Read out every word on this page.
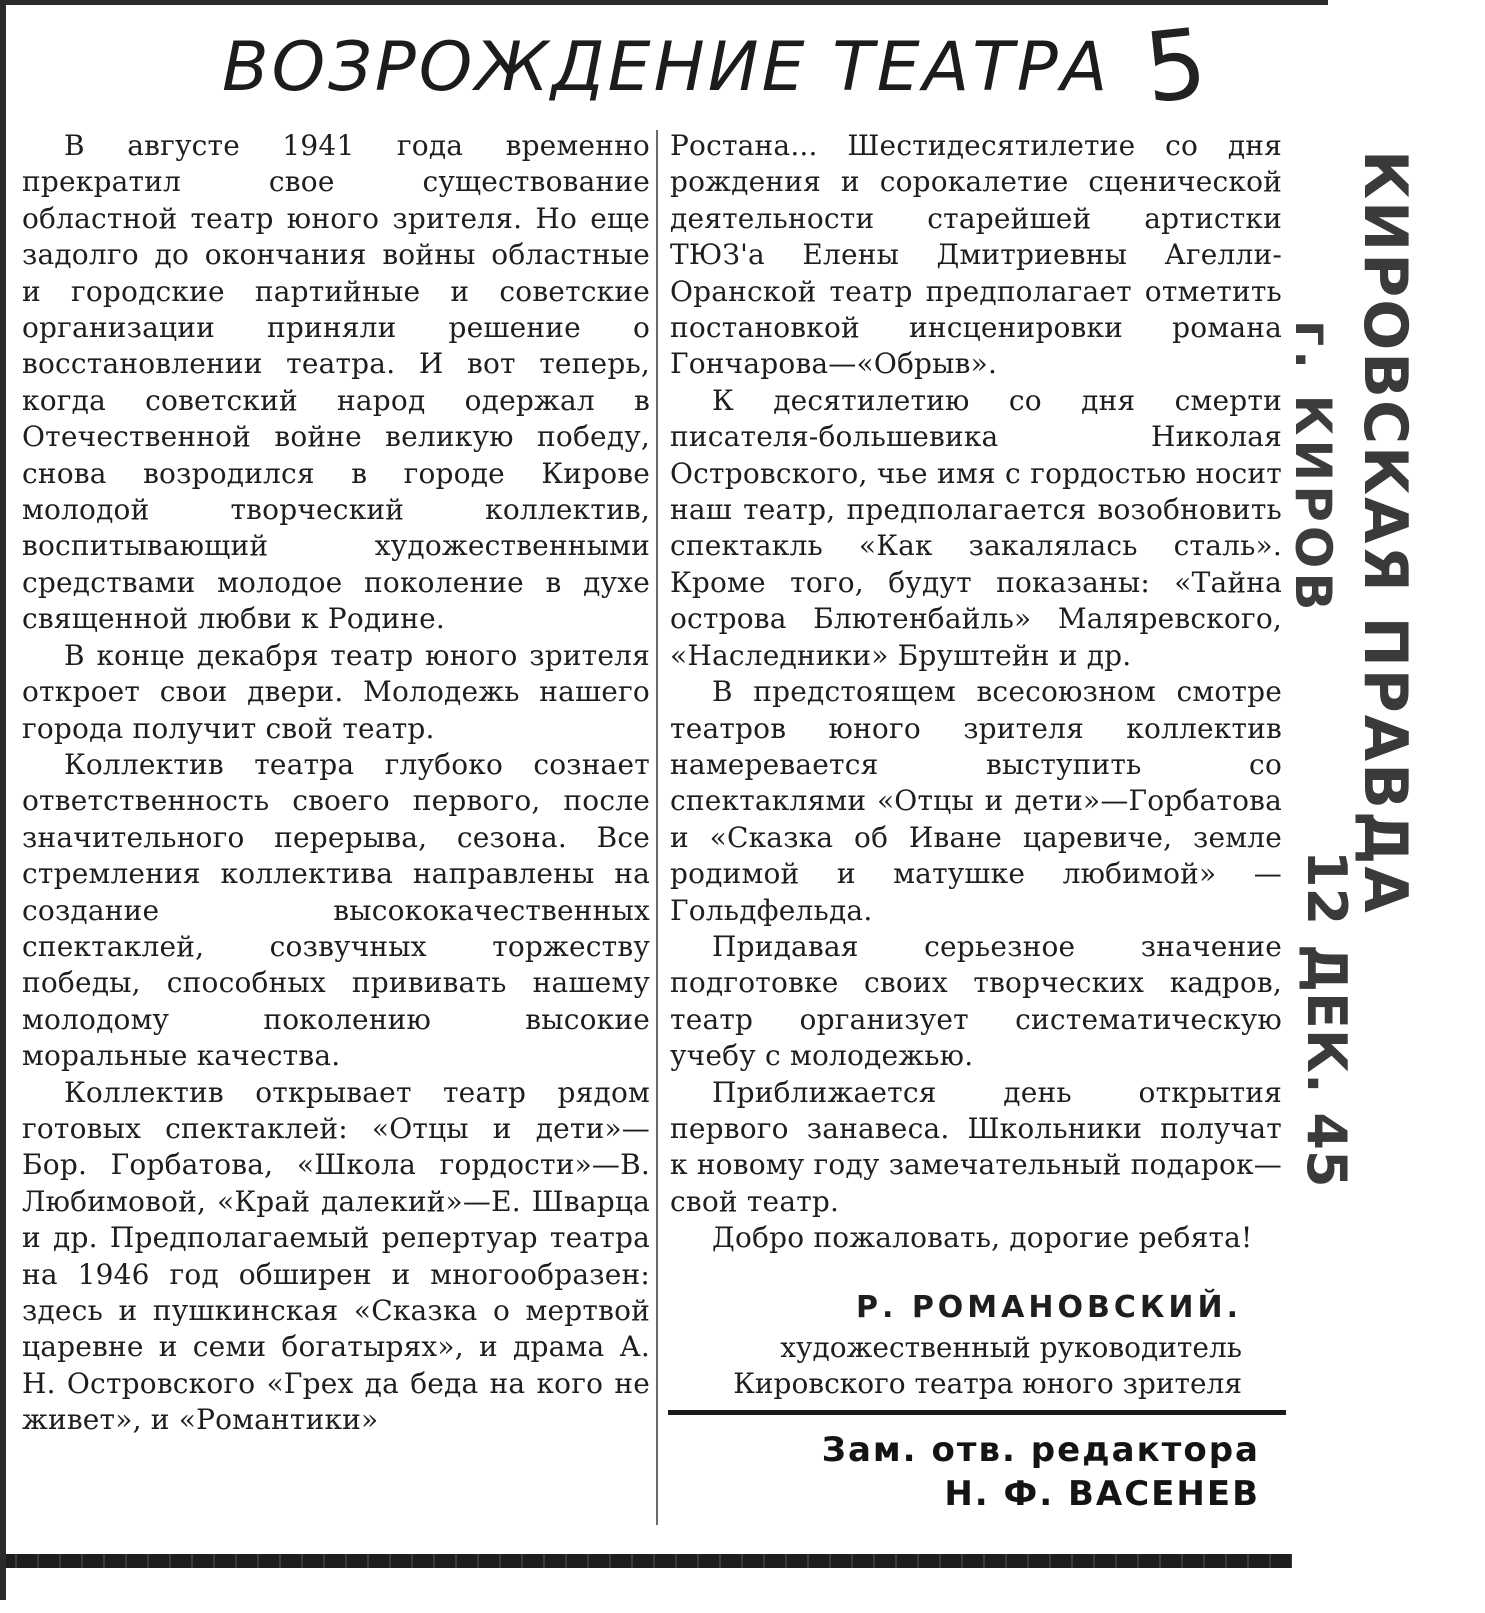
ВОЗРОЖДЕНИЕ ТЕАТРА 5

В августе 1941 года временно прекратил свое существование областной театр юного зрителя. Но еще задолго до окончания войны областные и городские партийные и советские организации приняли решение о восстановлении театра. И вот теперь, когда советский народ одержал в Отечественной войне великую победу, снова возродился в городе Кирове молодой творческий коллектив, воспитывающий художественными средствами молодое поколение в духе священной любви к Родине.

В конце декабря театр юного зрителя откроет свои двери. Молодежь нашего города получит свой театр.

Коллектив театра глубоко сознает ответственность своего первого, после значительного перерыва, сезона. Все стремления коллектива направлены на создание высококачественных спектаклей, созвучных торжеству победы, способных прививать нашему молодому поколению высокие моральные качества.

Коллектив открывает театр рядом готовых спектаклей: «Отцы и дети»—Бор. Горбатова, «Школа гордости»—В. Любимовой, «Край далекий»—Е. Шварца и др. Предполагаемый репертуар театра на 1946 год обширен и многообразен: здесь и пушкинская «Сказка о мертвой царевне и семи богатырях», и драма А. Н. Островского «Грех да беда на кого не живет», и «Романтики»

Ростана... Шестидесятилетие со дня рождения и сорокалетие сценической деятельности старейшей артистки ТЮЗ'а Елены Дмитриевны Агелли-Оранской театр предполагает отметить постановкой инсценировки романа Гончарова—«Обрыв».

К десятилетию со дня смерти писателя-большевика Николая Островского, чье имя с гордостью носит наш театр, предполагается возобновить спектакль «Как закалялась сталь». Кроме того, будут показаны: «Тайна острова Блютенбайль» Маляревского, «Наследники» Бруштейн и др.

В предстоящем всесоюзном смотре театров юного зрителя коллектив намеревается выступить со спектаклями «Отцы и дети»—Горбатова и «Сказка об Иване царевиче, земле родимой и матушке любимой» — Гольдфельда.

Придавая серьезное значение подготовке своих творческих кадров, театр организует систематическую учебу с молодежью.

Приближается день открытия первого занавеса. Школьники получат к новому году замечательный подарок—свой театр.

Добро пожаловать, дорогие ребята!

Р. РОМАНОВСКИЙ.
художественный руководитель
Кировского театра юного зрителя
Зам. отв. редактора
Н. Ф. ВАСЕНЕВ
КИРОВСКАЯ ПРАВДА
г. КИРОВ
12 ДЕК. 45
